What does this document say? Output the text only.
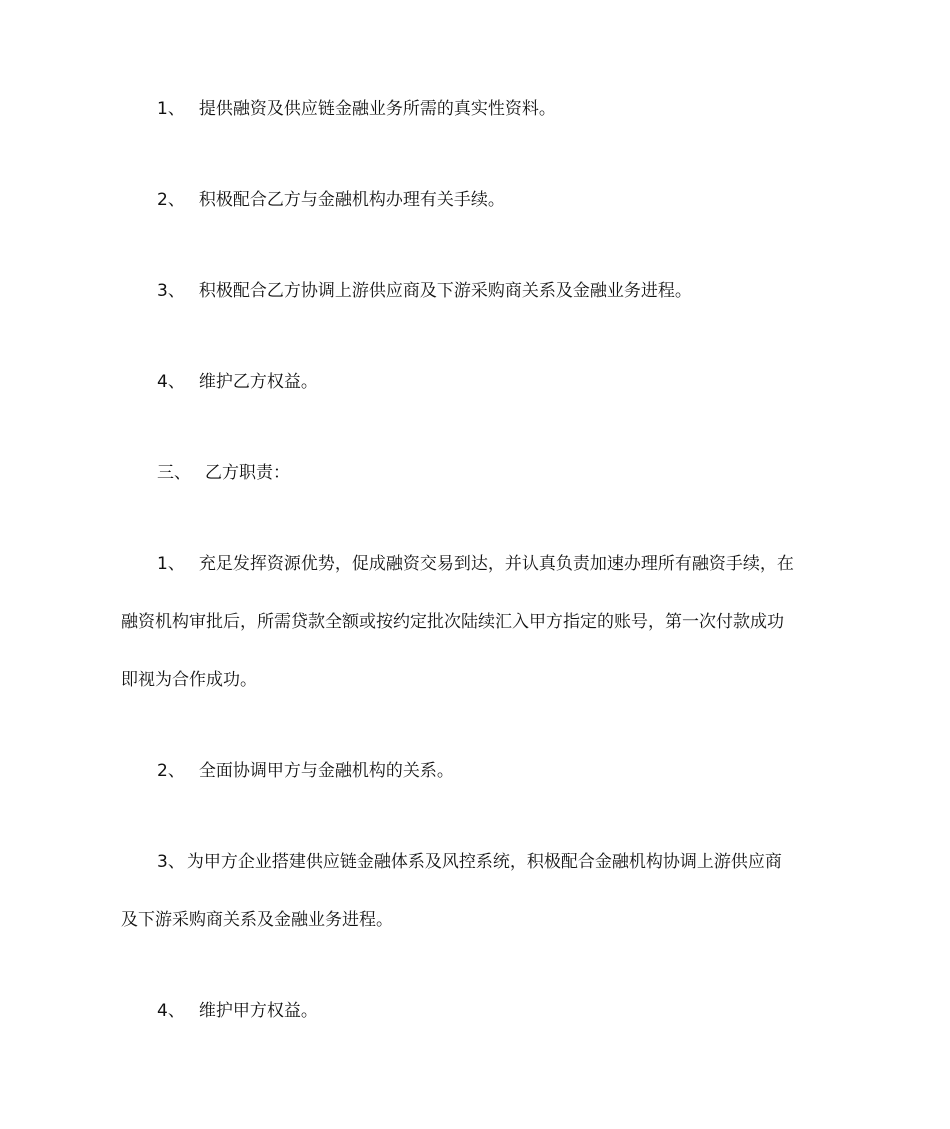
1、 提供融资及供应链金融业务所需的真实性资料。
2、 积极配合乙方与金融机构办理有关手续。
3、 积极配合乙方协调上游供应商及下游采购商关系及金融业务进程。
4、 维护乙方权益。
三、 乙方职责：
1、 充足发挥资源优势，促成融资交易到达，并认真负责加速办理所有融资手续，在
融资机构审批后，所需贷款全额或按约定批次陆续汇入甲方指定的账号，第一次付款成功
即视为合作成功。
2、 全面协调甲方与金融机构的关系。
3、 为甲方企业搭建供应链金融体系及风控系统，积极配合金融机构协调上游供应商
及下游采购商关系及金融业务进程。
4、 维护甲方权益。
